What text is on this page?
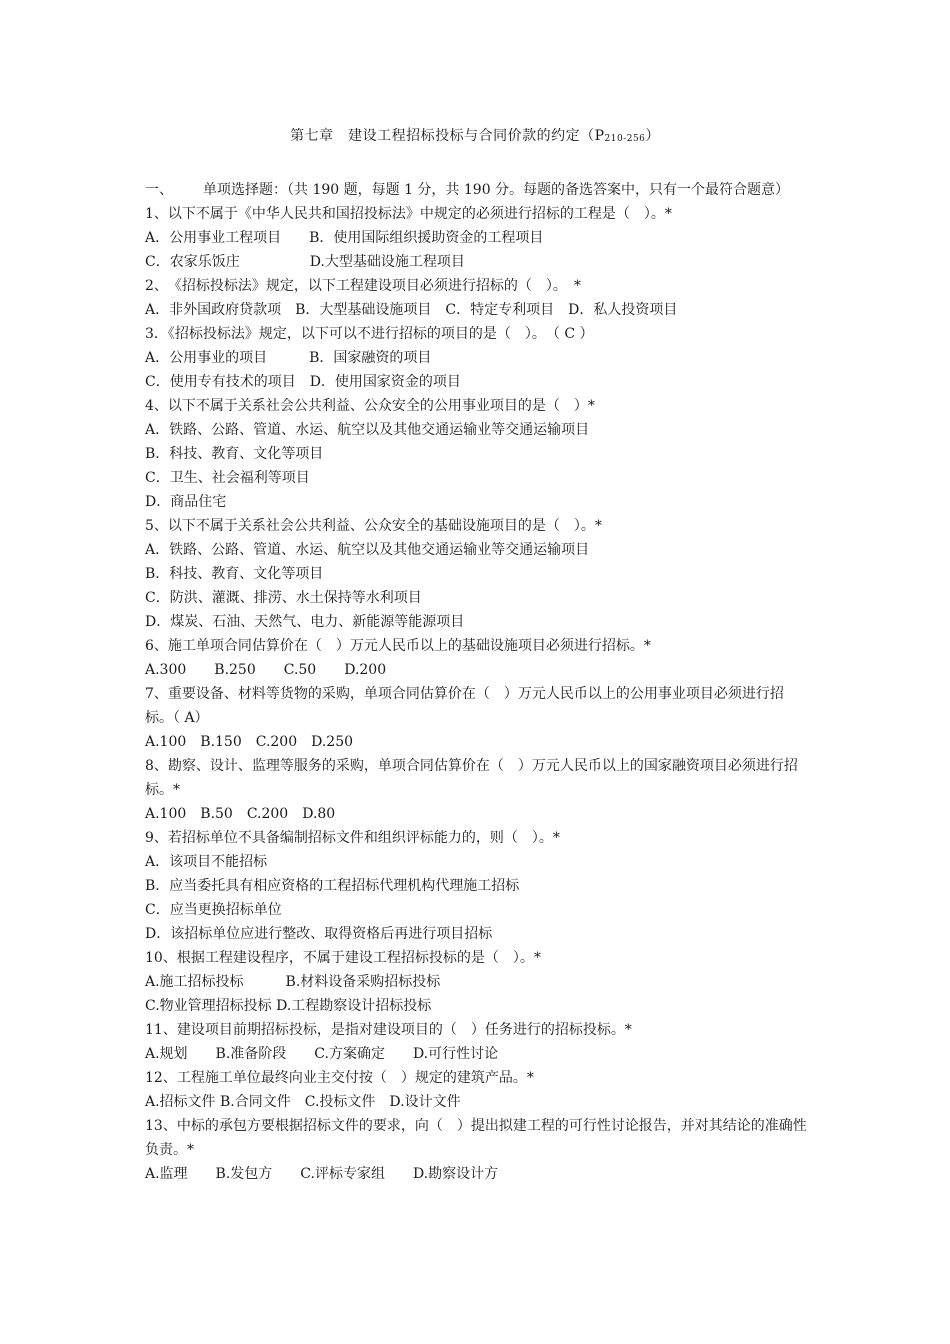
第七章　建设工程招标投标与合同价款的约定（P210-256）
一、	单项选择题：（共 190 题，每题 1 分，共 190 分。每题的备选答案中，只有一个最符合题意）
1、以下不属于《中华人民共和国招投标法》中规定的必须进行招标的工程是（　）。*
A．公用事业工程项目　　B．使用国际组织援助资金的工程项目
C．农家乐饭庄　　　　　D.大型基础设施工程项目
2、　《招标投标法》规定，以下工程建设项目必须进行招标的（　）。　*
A．非外国政府贷款项　B．大型基础设施项目　C．特定专利项目　D．私人投资项目
3．《招标投标法》规定，以下可以不进行招标的项目的是（　）。　（ C ）
A．公用事业的项目　　　B．国家融资的项目
C．使用专有技术的项目　D．使用国家资金的项目
4、以下不属于关系社会公共利益、公众安全的公用事业项目的是（　）*
A．铁路、公路、管道、水运、航空以及其他交通运输业等交通运输项目
B．科技、教育、文化等项目
C．卫生、社会福利等项目
D．商品住宅
5、以下不属于关系社会公共利益、公众安全的基础设施项目的是（　）。*
A．铁路、公路、管道、水运、航空以及其他交通运输业等交通运输项目
B．科技、教育、文化等项目
C．防洪、灌溉、排涝、水土保持等水利项目
D．煤炭、石油、天然气、电力、新能源等能源项目
6、施工单项合同估算价在（　）万元人民币以上的基础设施项目必须进行招标。*
A.300　　B.250　　C.50　　D.200
7、重要设备、材料等货物的采购，单项合同估算价在（　）万元人民币以上的公用事业项目必须进行招标。（ A）
A.100　B.150　C.200　D.250
8、勘察、设计、监理等服务的采购，单项合同估算价在（　）万元人民币以上的国家融资项目必须进行招标。*
A.100　B.50　C.200　D.80
9、若招标单位不具备编制招标文件和组织评标能力的，则（　）。*
A．该项目不能招标
B．应当委托具有相应资格的工程招标代理机构代理施工招标
C．应当更换招标单位
D．该招标单位应进行整改、取得资格后再进行项目招标
10、根据工程建设程序，不属于建设工程招标投标的是（　）。*
A.施工招标投标　　　B.材料设备采购招标投标
C.物业管理招标投标 D.工程勘察设计招标投标
11、建设项目前期招标投标，是指对建设项目的（　）任务进行的招标投标。*
A.规划　　B.准备阶段　　C.方案确定　　D.可行性讨论
12、工程施工单位最终向业主交付按（　）规定的建筑产品。*
A.招标文件 B.合同文件　C.投标文件　D.设计文件
13、中标的承包方要根据招标文件的要求，向（　）提出拟建工程的可行性讨论报告，并对其结论的准确性负责。*
A.监理　　B.发包方　　C.评标专家组　　D.勘察设计方
